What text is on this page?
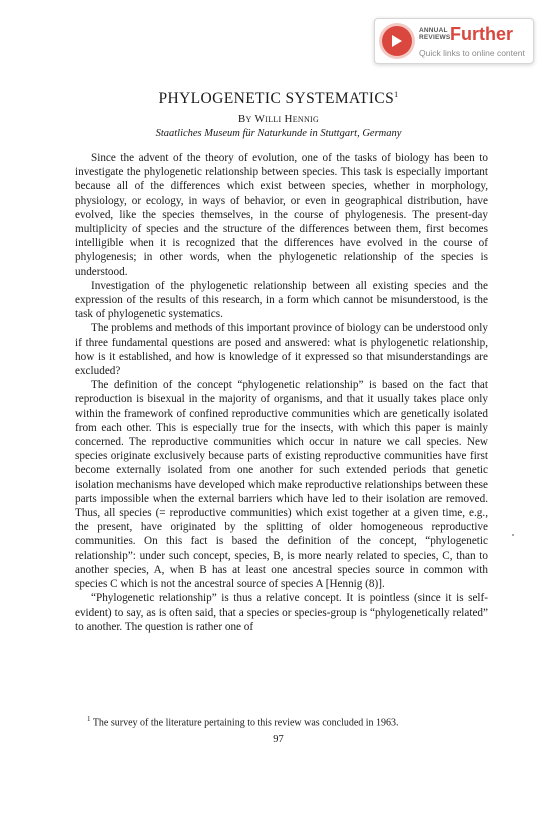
ANNUAL
REVIEWS Further
Quick links to online content
PHYLOGENETIC SYSTEMATICS$^1$
By Willi Hennig
Staatliches Museum für Naturkunde in Stuttgart, Germany

Since the advent of the theory of evolution, one of the tasks of biology has been to investigate the phylogenetic relationship between species. This task is especially important because all of the differences which exist between species, whether in morphology, physiology, or ecology, in ways of behavior, or even in geographical distribution, have evolved, like the species themselves, in the course of phylogenesis. The present-day multiplicity of species and the structure of the differences between them, first becomes intelligible when it is recognized that the differences have evolved in the course of phylogenesis; in other words, when the phylogenetic relationship of the species is understood.

Investigation of the phylogenetic relationship between all existing species and the expression of the results of this research, in a form which cannot be misunderstood, is the task of phylogenetic systematics.

The problems and methods of this important province of biology can be understood only if three fundamental questions are posed and answered: what is phylogenetic relationship, how is it established, and how is knowledge of it expressed so that misunderstandings are excluded?

The definition of the concept “phylogenetic relationship” is based on the fact that reproduction is bisexual in the majority of organisms, and that it usually takes place only within the framework of confined reproductive communities which are genetically isolated from each other. This is especially true for the insects, with which this paper is mainly concerned. The reproductive communities which occur in nature we call species. New species originate exclusively because parts of existing reproductive communities have first become externally isolated from one another for such extended periods that genetic isolation mechanisms have developed which make reproductive relationships between these parts impossible when the external barriers which have led to their isolation are removed. Thus, all species (= reproductive communities) which exist together at a given time, e.g., the present, have originated by the splitting of older homogeneous reproductive communities. On this fact is based the definition of the concept, “phylogenetic relationship”: under such concept, species, B, is more nearly related to species, C, than to another species, A, when B has at least one ancestral species source in common with species C which is not the ancestral source of species A [Hennig (8)].

“Phylogenetic relationship” is thus a relative concept. It is pointless (since it is self-evident) to say, as is often said, that a species or species-group is “phylogenetically related” to another. The question is rather one of

$^1$ The survey of the literature pertaining to this review was concluded in 1963.
97
